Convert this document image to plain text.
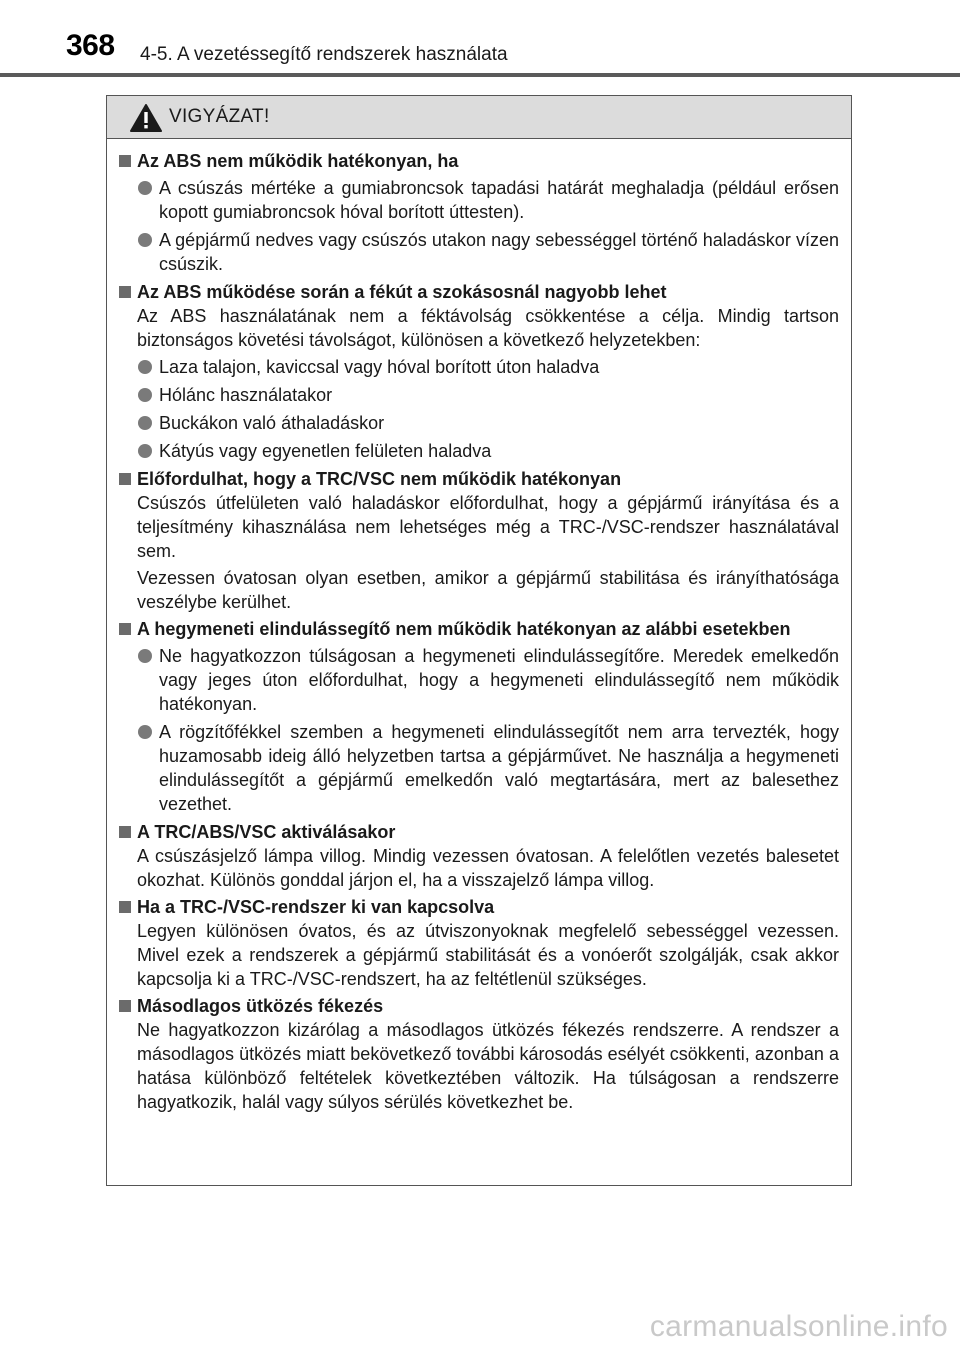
368 4-5. A vezetéssegítő rendszerek használata
VIGYÁZAT!
Az ABS nem működik hatékonyan, ha
A csúszás mértéke a gumiabroncsok tapadási határát meghaladja (például erősen kopott gumiabroncsok hóval borított úttesten).
A gépjármű nedves vagy csúszós utakon nagy sebességgel történő haladáskor vízen csúszik.
Az ABS működése során a fékút a szokásosnál nagyobb lehet
Az ABS használatának nem a féktávolság csökkentése a célja. Mindig tartson biztonságos követési távolságot, különösen a következő helyzetekben:
Laza talajon, kaviccsal vagy hóval borított úton haladva
Hólánc használatakor
Buckákon való áthaladáskor
Kátyús vagy egyenetlen felületen haladva
Előfordulhat, hogy a TRC/VSC nem működik hatékonyan
Csúszós útfelületen való haladáskor előfordulhat, hogy a gépjármű irányítása és a teljesítmény kihasználása nem lehetséges még a TRC-/VSC-rendszer használatával sem.
Vezessen óvatosan olyan esetben, amikor a gépjármű stabilitása és irányíthatósága veszélybe kerülhet.
A hegymeneti elindulássegítő nem működik hatékonyan az alábbi esetekben
Ne hagyatkozzon túlságosan a hegymeneti elindulássegítőre. Meredek emelkedőn vagy jeges úton előfordulhat, hogy a hegymeneti elindulássegítő nem működik hatékonyan.
A rögzítőfékkel szemben a hegymeneti elindulássegítőt nem arra tervezték, hogy huzamosabb ideig álló helyzetben tartsa a gépjárművet. Ne használja a hegymeneti elindulássegítőt a gépjármű emelkedőn való megtartására, mert az balesethez vezethet.
A TRC/ABS/VSC aktiválásakor
A csúszásjelző lámpa villog. Mindig vezessen óvatosan. A felelőtlen vezetés balesetet okozhat. Különös gonddal járjon el, ha a visszajelző lámpa villog.
Ha a TRC-/VSC-rendszer ki van kapcsolva
Legyen különösen óvatos, és az útviszonyoknak megfelelő sebességgel vezessen. Mivel ezek a rendszerek a gépjármű stabilitását és a vonóerőt szolgálják, csak akkor kapcsolja ki a TRC-/VSC-rendszert, ha az feltétlenül szükséges.
Másodlagos ütközés fékezés
Ne hagyatkozzon kizárólag a másodlagos ütközés fékezés rendszerre. A rendszer a másodlagos ütközés miatt bekövetkező további károsodás esélyét csökkenti, azonban a hatása különböző feltételek következtében változik. Ha túlságosan a rendszerre hagyatkozik, halál vagy súlyos sérülés következhet be.
carmanualsonline.info
